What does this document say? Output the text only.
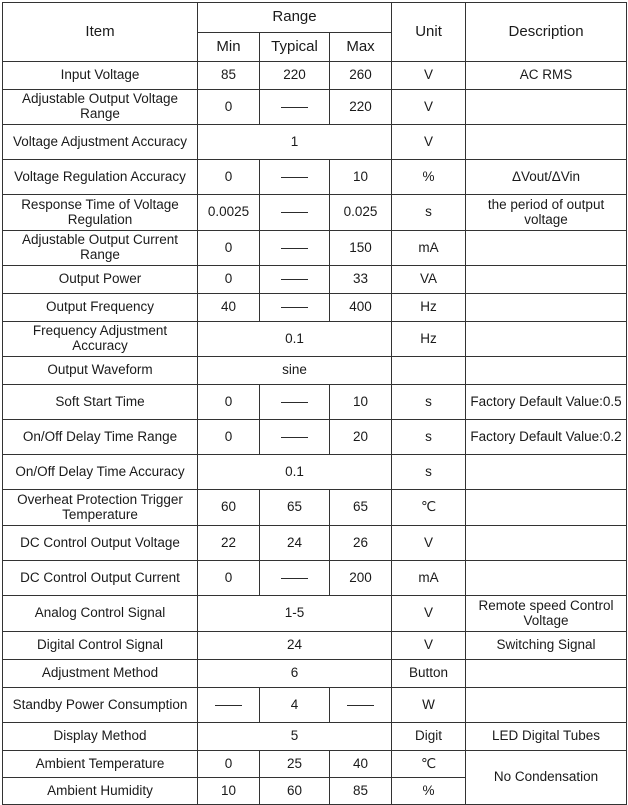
Item	Range			Unit	Description
	Min	Typical	Max		
Input Voltage	85	220	260	V	AC RMS
Adjustable Output Voltage Range	0	——	220	V	
Voltage Adjustment Accuracy	1			V	
Voltage Regulation Accuracy	0	——	10	%	ΔVout/ΔVin
Response Time of Voltage Regulation	0.0025	——	0.025	s	the period of output voltage
Adjustable Output Current Range	0	——	150	mA	
Output Power	0	——	33	VA	
Output Frequency	40	——	400	Hz	
Frequency Adjustment Accuracy	0.1			Hz	
Output Waveform	sine				
Soft Start Time	0	——	10	s	Factory Default Value:0.5
On/Off Delay Time Range	0	——	20	s	Factory Default Value:0.2
On/Off Delay Time Accuracy	0.1			s	
Overheat Protection Trigger Temperature	60	65	65	℃	
DC Control Output Voltage	22	24	26	V	
DC Control Output Current	0	——	200	mA	
Analog Control Signal	1-5			V	Remote speed Control Voltage
Digital Control Signal	24			V	Switching Signal
Adjustment Method	6			Button	
Standby Power Consumption	——	4	——	W	
Display Method	5			Digit	LED Digital Tubes
Ambient Temperature	0	25	40	℃	No Condensation
Ambient Humidity	10	60	85	%	
